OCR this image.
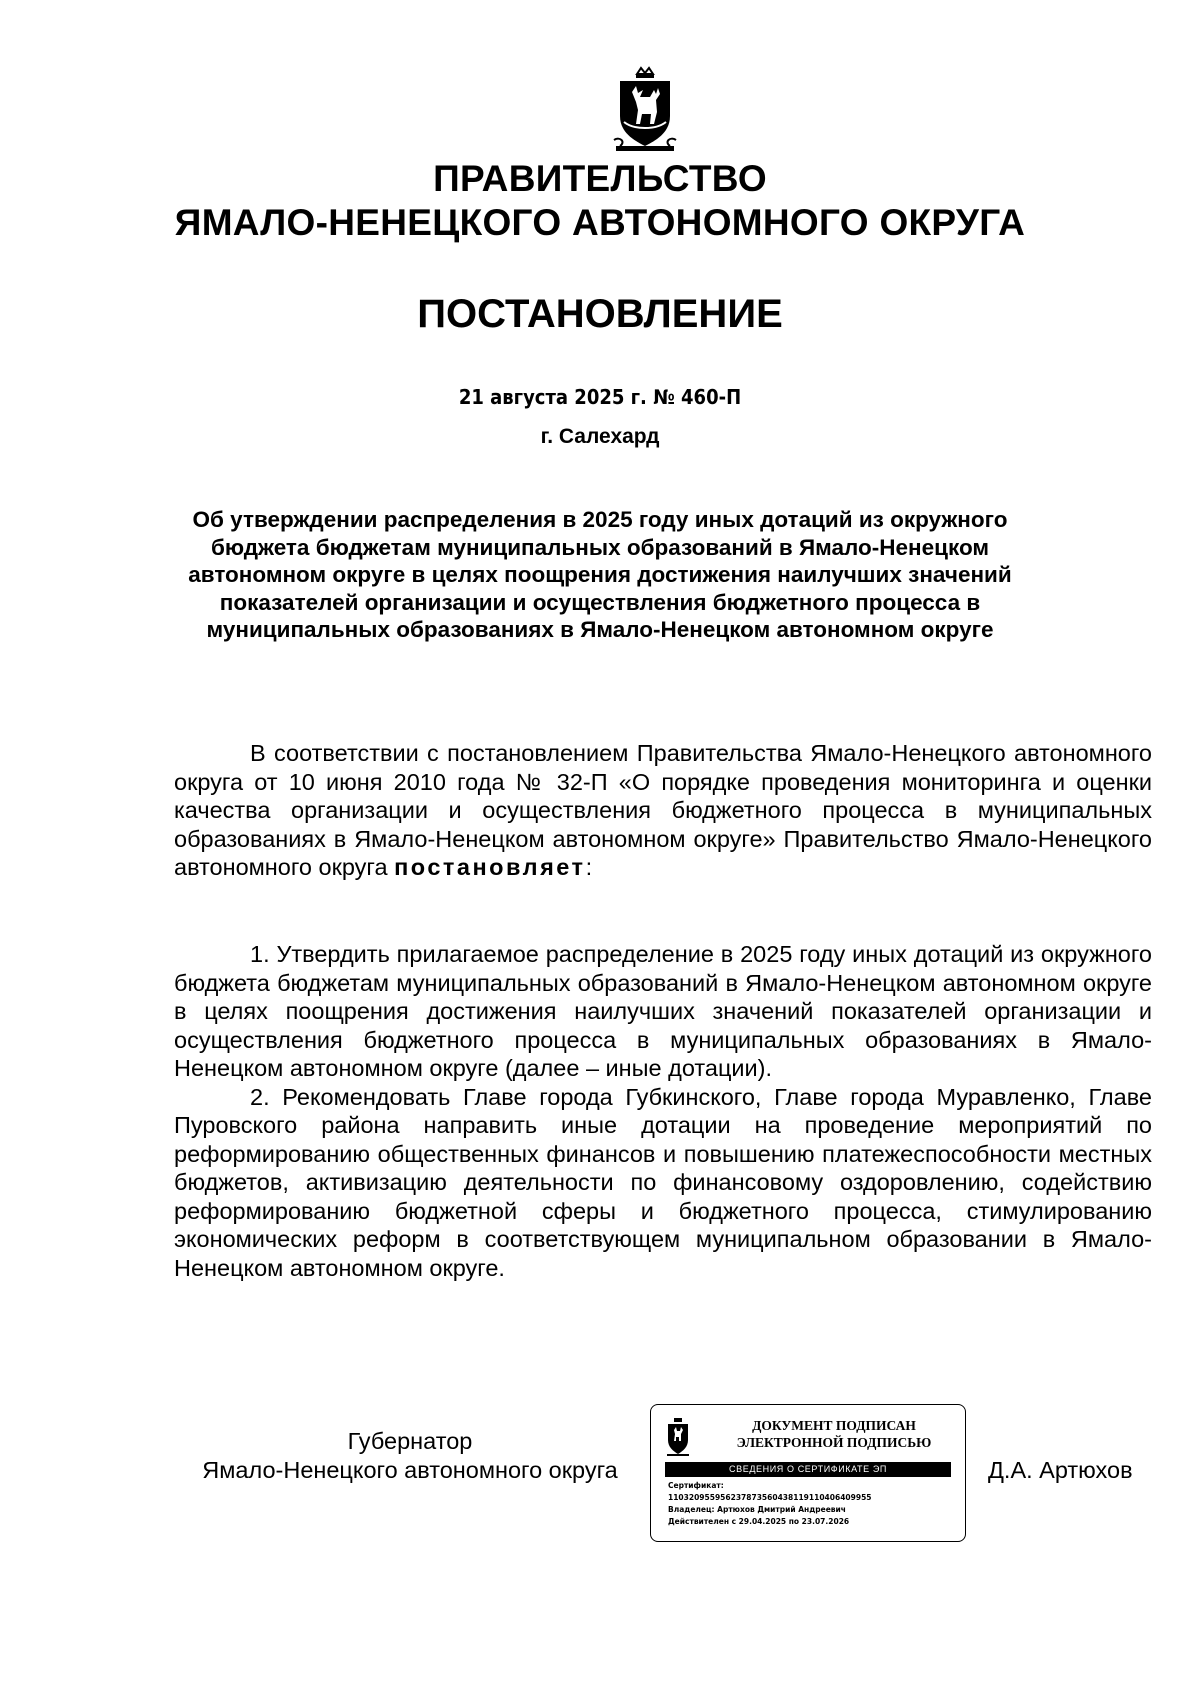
ПРАВИТЕЛЬСТВО
ЯМАЛО-НЕНЕЦКОГО АВТОНОМНОГО ОКРУГА
ПОСТАНОВЛЕНИЕ
21 августа 2025 г. № 460-П
г. Салехард
Об утверждении распределения в 2025 году иных дотаций из окружного бюджета бюджетам муниципальных образований в Ямало-Ненецком автономном округе в целях поощрения достижения наилучших значений показателей организации и осуществления бюджетного процесса в муниципальных образованиях в Ямало-Ненецком автономном округе

В соответствии с постановлением Правительства Ямало-Ненецкого автономного округа от 10 июня 2010 года № 32-П «О порядке проведения мониторинга и оценки качества организации и осуществления бюджетного процесса в муниципальных образованиях в Ямало-Ненецком автономном округе» Правительство Ямало-Ненецкого автономного округа постановляет:

1. Утвердить прилагаемое распределение в 2025 году иных дотаций из окружного бюджета бюджетам муниципальных образований в Ямало-Ненецком автономном округе в целях поощрения достижения наилучших значений показателей организации и осуществления бюджетного процесса в муниципальных образованиях в Ямало-Ненецком автономном округе (далее – иные дотации).

2. Рекомендовать Главе города Губкинского, Главе города Муравленко, Главе Пуровского района направить иные дотации на проведение мероприятий по реформированию общественных финансов и повышению платежеспособности местных бюджетов, активизацию деятельности по финансовому оздоровлению, содействию реформированию бюджетной сферы и бюджетного процесса, стимулированию экономических реформ в соответствующем муниципальном образовании в Ямало-Ненецком автономном округе.

Губернатор
Ямало-Ненецкого автономного округа
ДОКУМЕНТ ПОДПИСАН
ЭЛЕКТРОННОЙ ПОДПИСЬЮ
СВЕДЕНИЯ О СЕРТИФИКАТЕ ЭП
Сертификат:
110320955956237873560438119110406409955
Владелец: Артюхов Дмитрий Андреевич
Действителен с 29.04.2025 по 23.07.2026
Д.А. Артюхов
